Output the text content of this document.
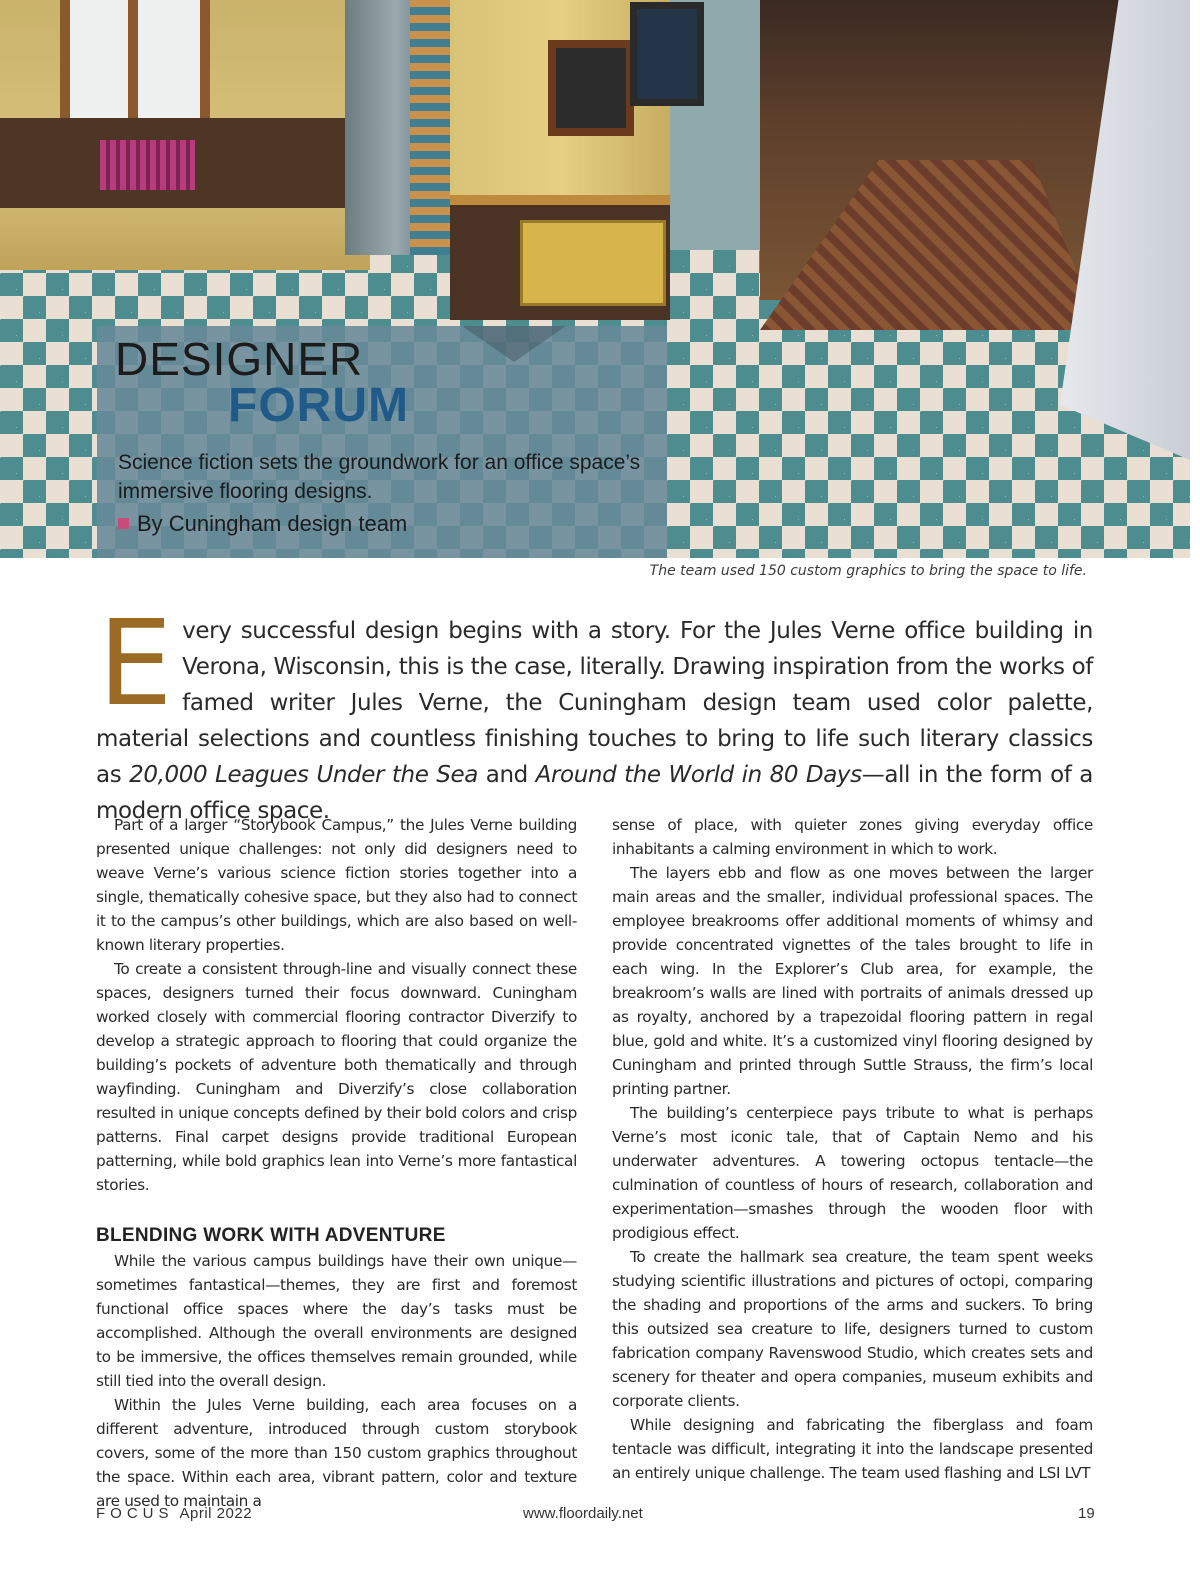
DESIGNER
FORUM
Science fiction sets the groundwork for an office space’s immersive flooring designs.
By Cuningham design team
The team used 150 custom graphics to bring the space to life.
Every successful design begins with a story. For the Jules Verne office building in Verona, Wisconsin, this is the case, literally. Drawing inspiration from the works of famed writer Jules Verne, the Cuningham design team used color palette, material selections and countless finishing touches to bring to life such literary classics as 20,000 Leagues Under the Sea and Around the World in 80 Days—all in the form of a modern office space.

Part of a larger “Storybook Campus,” the Jules Verne building presented unique challenges: not only did designers need to weave Verne’s various science fiction stories together into a single, thematically cohesive space, but they also had to connect it to the campus’s other buildings, which are also based on well-known literary properties.

To create a consistent through-line and visually connect these spaces, designers turned their focus downward. Cuningham worked closely with commercial flooring contractor Diverzify to develop a strategic approach to flooring that could organize the building’s pockets of adventure both thematically and through wayfinding. Cuningham and Diverzify’s close collaboration resulted in unique concepts defined by their bold colors and crisp patterns. Final carpet designs provide traditional European patterning, while bold graphics lean into Verne’s more fantastical stories.

BLENDING WORK WITH ADVENTURE

While the various campus buildings have their own unique—sometimes fantastical—themes, they are first and foremost functional office spaces where the day’s tasks must be accomplished. Although the overall environments are designed to be immersive, the offices themselves remain grounded, while still tied into the overall design.

Within the Jules Verne building, each area focuses on a different adventure, introduced through custom storybook covers, some of the more than 150 custom graphics throughout the space. Within each area, vibrant pattern, color and texture are used to maintain a

sense of place, with quieter zones giving everyday office inhabitants a calming environment in which to work.

The layers ebb and flow as one moves between the larger main areas and the smaller, individual professional spaces. The employee breakrooms offer additional moments of whimsy and provide concentrated vignettes of the tales brought to life in each wing. In the Explorer’s Club area, for example, the breakroom’s walls are lined with portraits of animals dressed up as royalty, anchored by a trapezoidal flooring pattern in regal blue, gold and white. It’s a customized vinyl flooring designed by Cuningham and printed through Suttle Strauss, the firm’s local printing partner.

The building’s centerpiece pays tribute to what is perhaps Verne’s most iconic tale, that of Captain Nemo and his underwater adventures. A towering octopus tentacle—the culmination of countless of hours of research, collaboration and experimentation—smashes through the wooden floor with prodigious effect.

To create the hallmark sea creature, the team spent weeks studying scientific illustrations and pictures of octopi, comparing the shading and proportions of the arms and suckers. To bring this outsized sea creature to life, designers turned to custom fabrication company Ravenswood Studio, which creates sets and scenery for theater and opera companies, museum exhibits and corporate clients.

While designing and fabricating the fiberglass and foam tentacle was difficult, integrating it into the landscape presented an entirely unique challenge. The team used flashing and LSI LVT

FOCUS April 2022	www.floordaily.net	19
